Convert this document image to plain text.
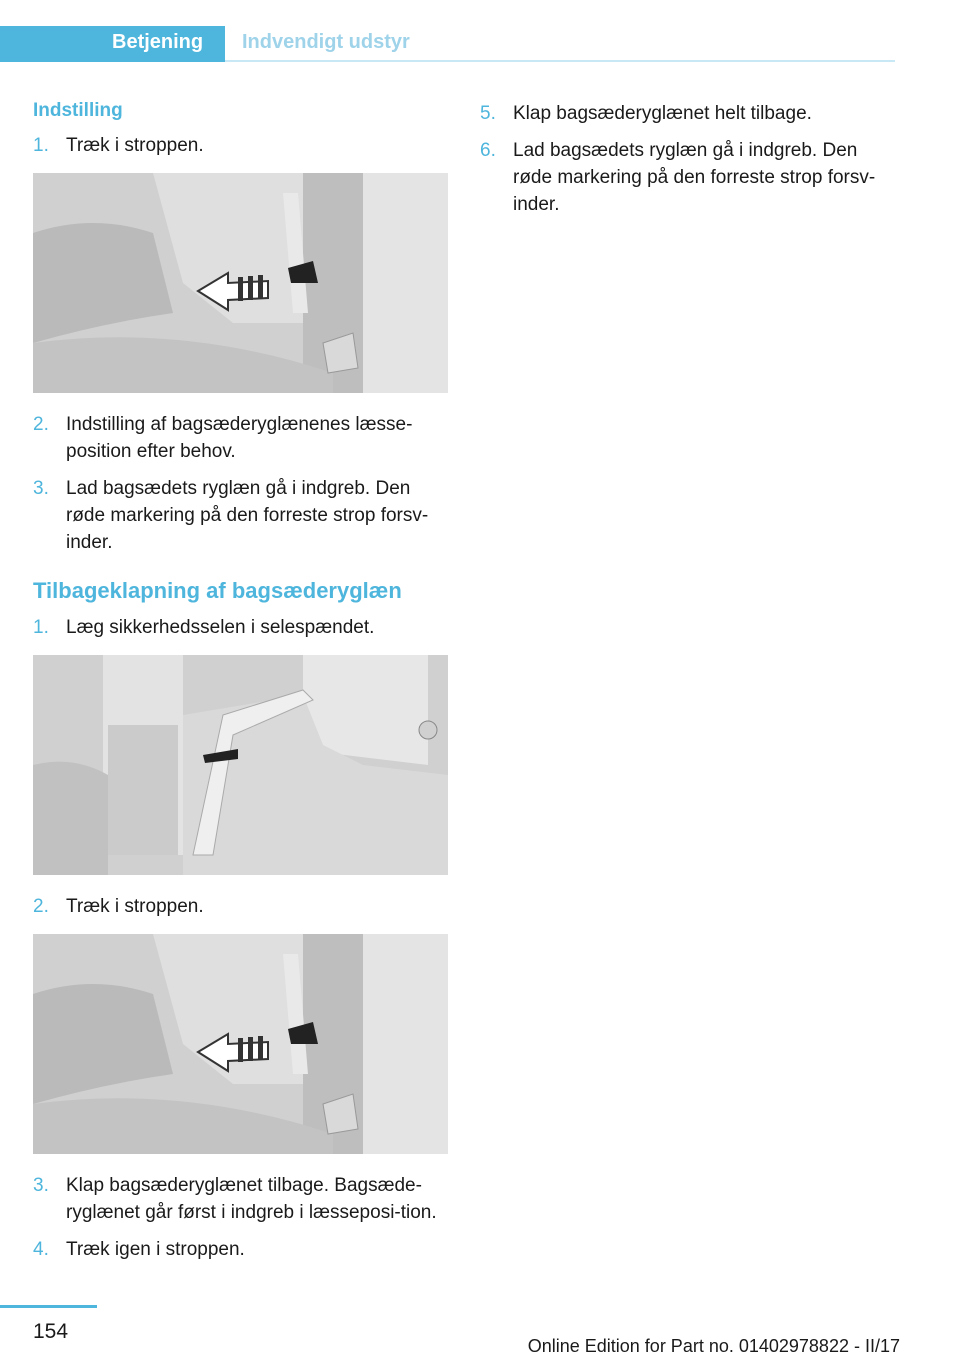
Betjening	Indvendigt udstyr
Indstilling
1. Træk i stroppen.
2. Indstilling af bagsæderyglænenes læsse-position efter behov.
3. Lad bagsædets ryglæn gå i indgreb. Den røde markering på den forreste strop forsv-inder.
Tilbageklapning af bagsæderyglæn
1. Læg sikkerhedsselen i selespændet.
2. Træk i stroppen.
3. Klap bagsæderyglænet tilbage. Bagsæde-ryglænet går først i indgreb i læsseposi-tion.
4. Træk igen i stroppen.
5. Klap bagsæderyglænet helt tilbage.
6. Lad bagsædets ryglæn gå i indgreb. Den røde markering på den forreste strop forsv-inder.
154
Online Edition for Part no. 01402978822 - II/17
